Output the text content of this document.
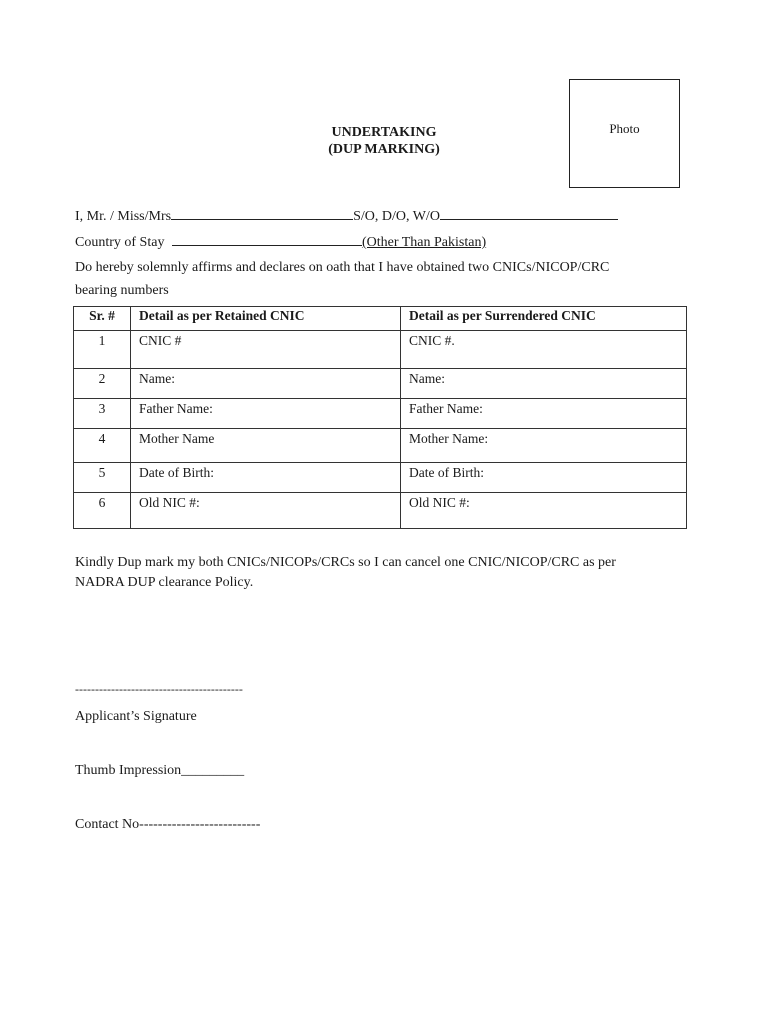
UNDERTAKING
(DUP MARKING)
Photo
I, Mr. / Miss/Mrs	S/O, D/O, W/O
Country of Stay	(Other Than Pakistan)
Do hereby solemnly affirms and declares on oath that I have obtained two CNICs/NICOP/CRC
bearing numbers
Sr. #	Detail as per Retained CNIC	Detail as per Surrendered CNIC
1	CNIC #	CNIC #.
2	Name:	Name:
3	Father Name:	Father Name:
4	Mother Name	Mother Name:
5	Date of Birth:	Date of Birth:
6	Old NIC #:	Old NIC #:
Kindly Dup mark my both CNICs/NICOPs/CRCs so I can cancel one CNIC/NICOP/CRC as per
NADRA DUP clearance Policy.
------------------------------------------
Applicant’s Signature
Thumb Impression_________
Contact No--------------------------
